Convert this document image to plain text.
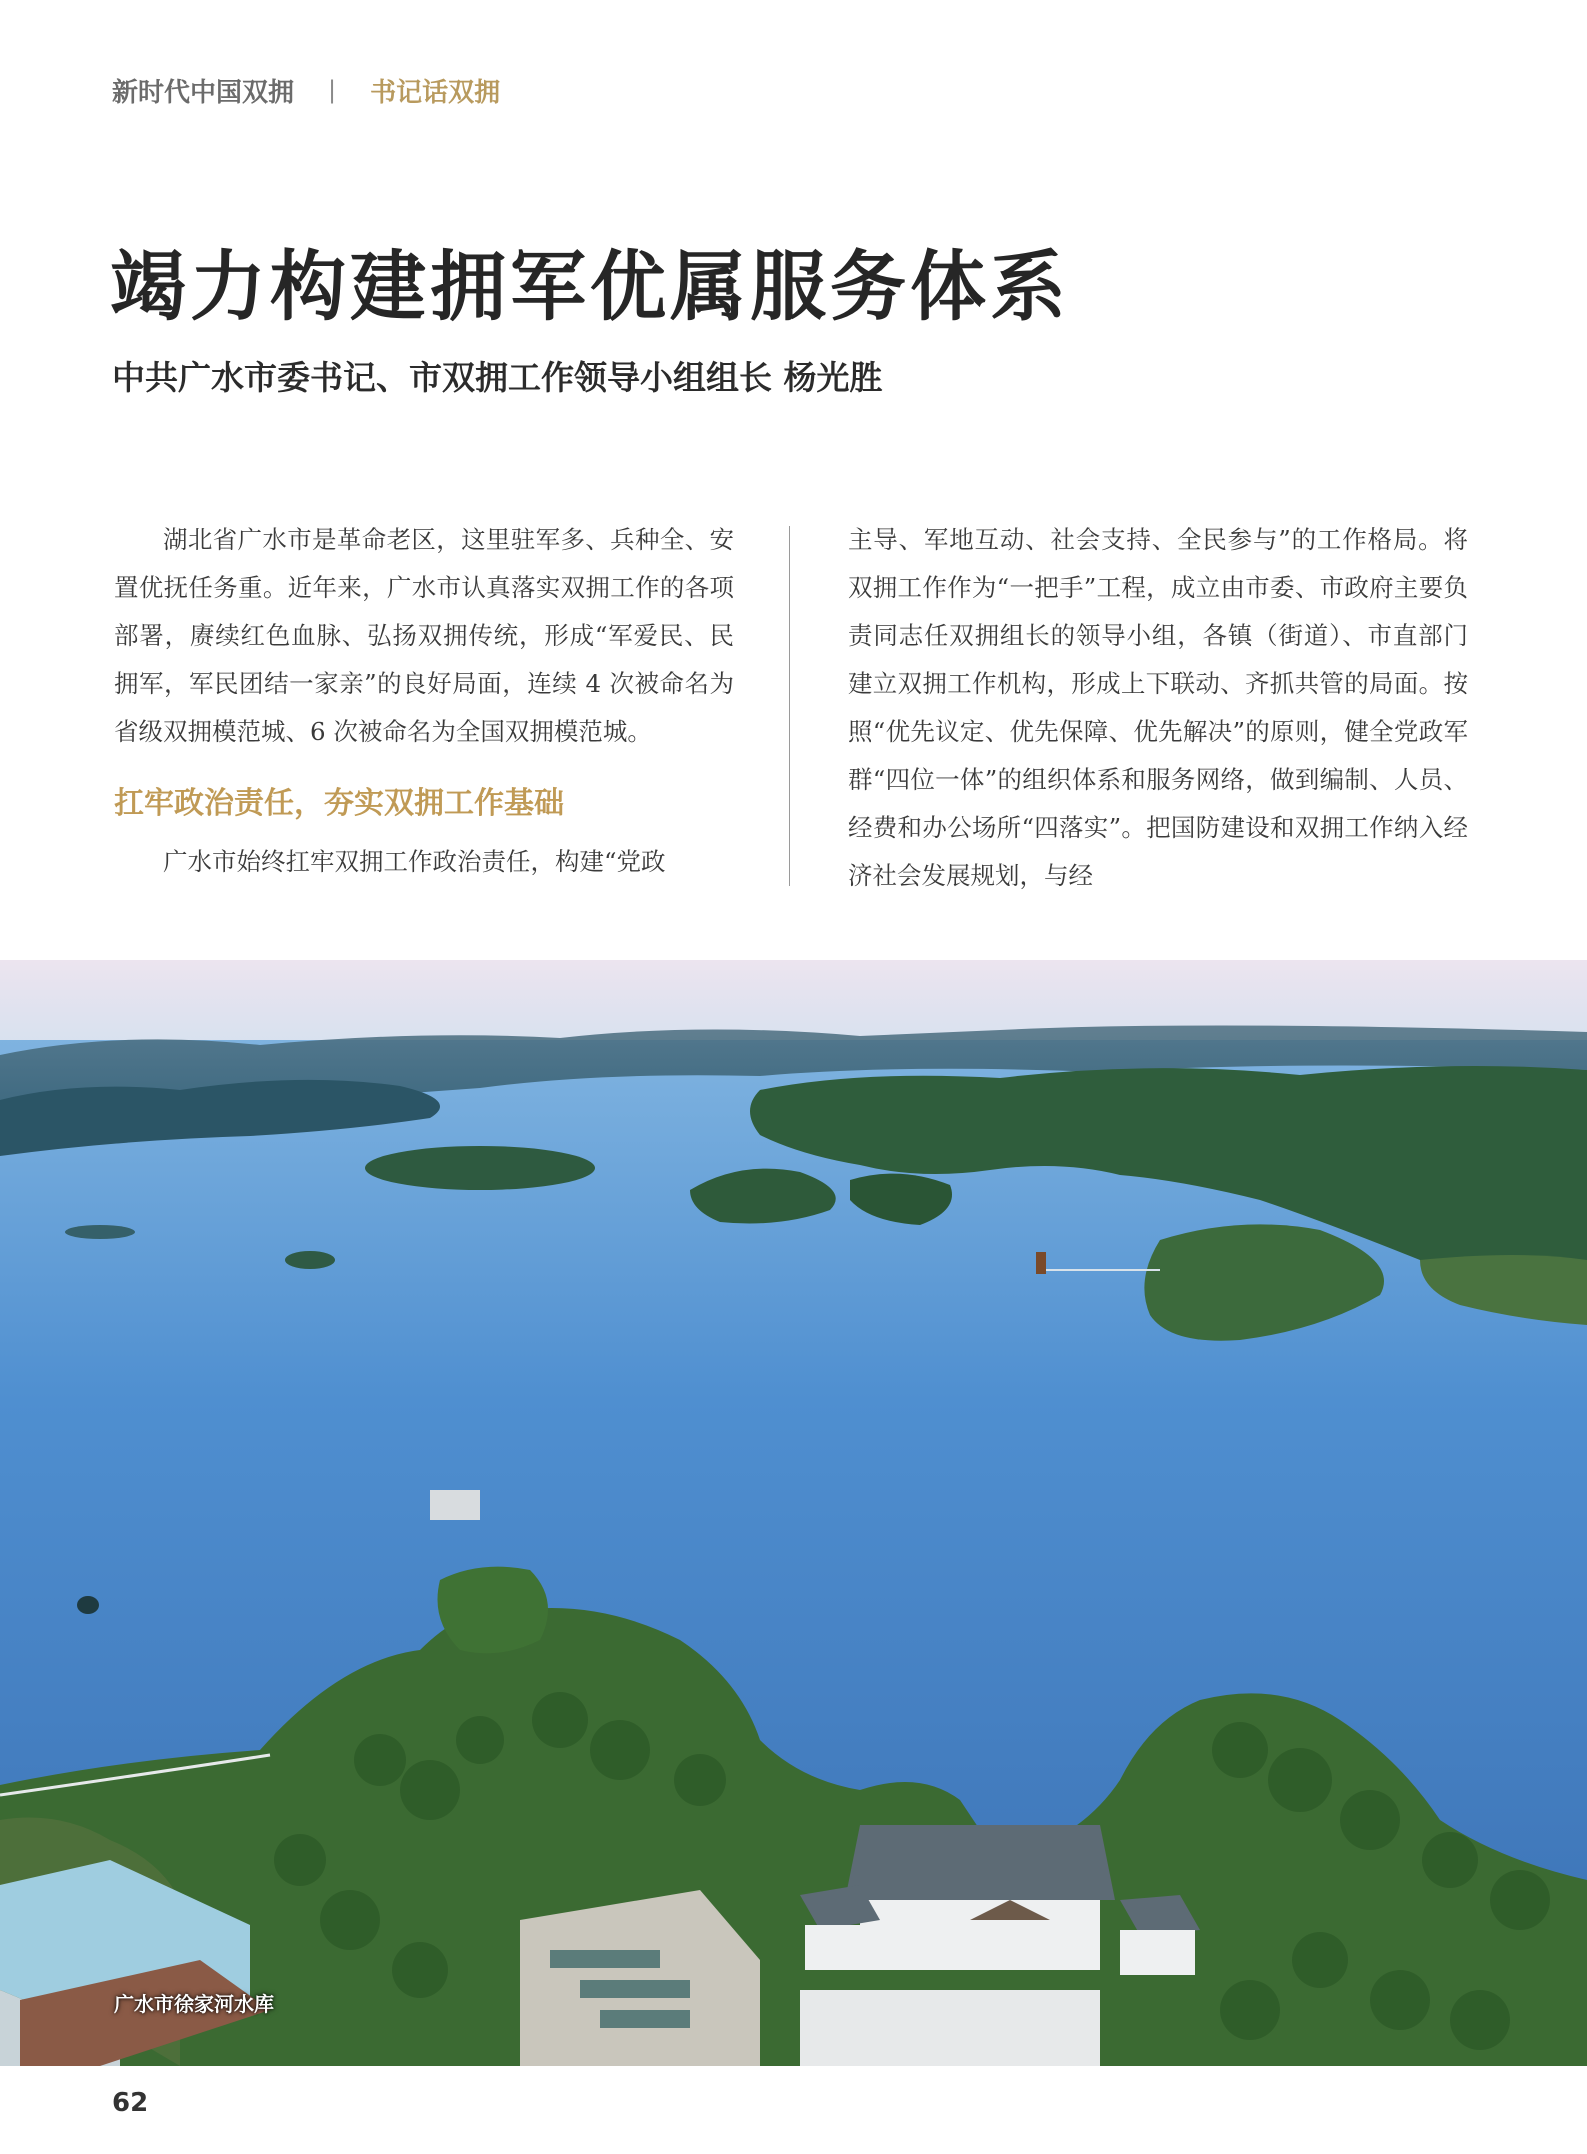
新时代中国双拥 | 书记话双拥
竭力构建拥军优属服务体系
中共广水市委书记、市双拥工作领导小组组长 杨光胜

湖北省广水市是革命老区，这里驻军多、兵种全、安置优抚任务重。近年来，广水市认真落实双拥工作的各项部署，赓续红色血脉、弘扬双拥传统，形成“军爱民、民拥军，军民团结一家亲”的良好局面，连续 4 次被命名为省级双拥模范城、6 次被命名为全国双拥模范城。

扛牢政治责任，夯实双拥工作基础

广水市始终扛牢双拥工作政治责任，构建“党政

主导、军地互动、社会支持、全民参与”的工作格局。将双拥工作作为“一把手”工程，成立由市委、市政府主要负责同志任双拥组长的领导小组，各镇（街道）、市直部门建立双拥工作机构，形成上下联动、齐抓共管的局面。按照“优先议定、优先保障、优先解决”的原则，健全党政军群“四位一体”的组织体系和服务网络，做到编制、人员、经费和办公场所“四落实”。把国防建设和双拥工作纳入经济社会发展规划，与经

广水市徐家河水库
62
